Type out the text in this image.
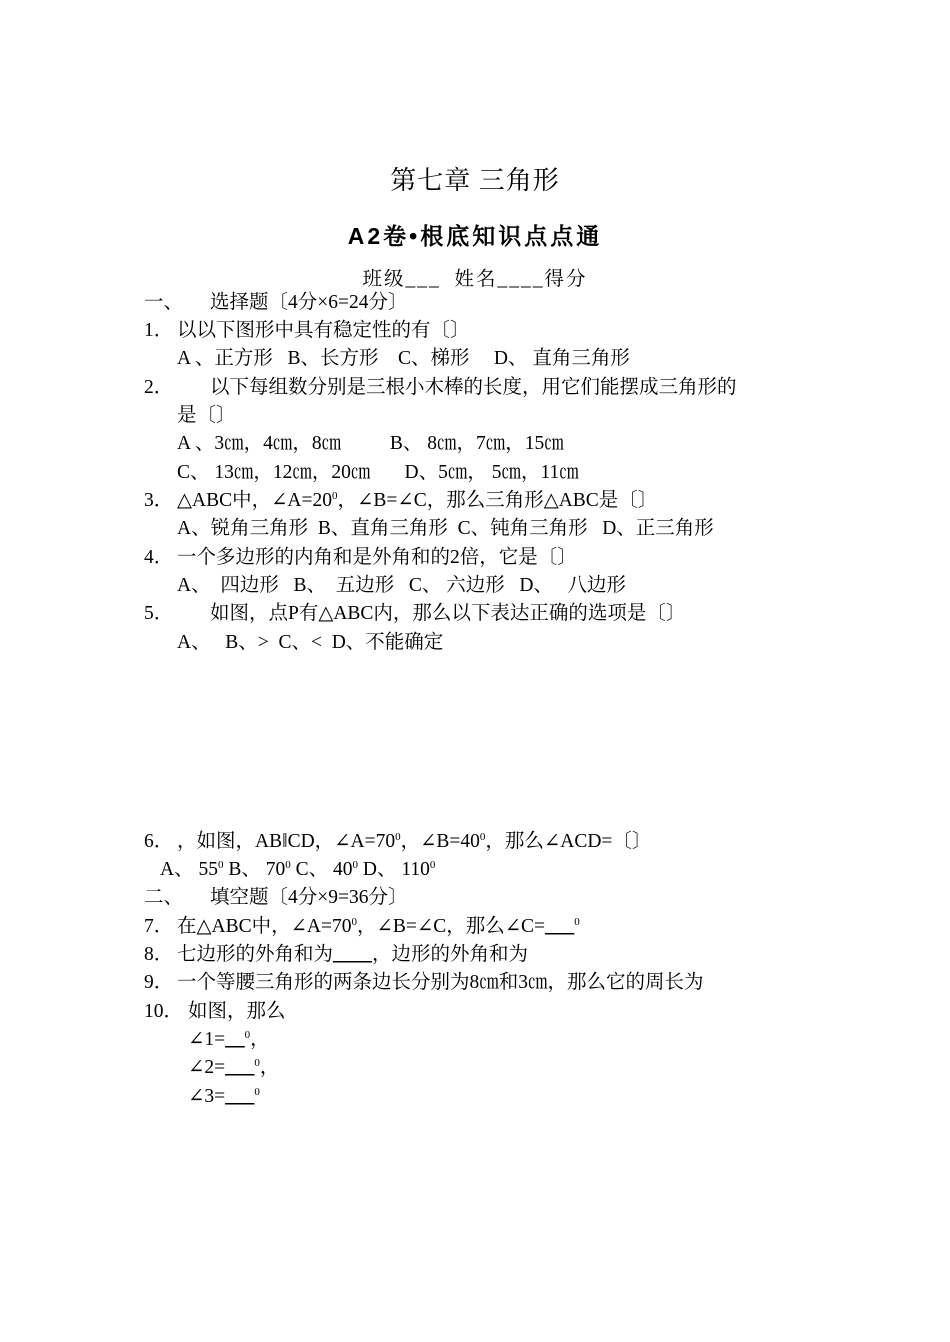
第七章 三角形
A2卷•根底知识点点通
班级___  姓名____得分
一、 选择题〔4分×6=24分〕
1． 以以下图形中具有稳定性的有〔〕
A 、正方形   B、长方形    C、梯形     D、 直角三角形
2． 以下每组数分别是三根小木棒的长度，用它们能摆成三角形的
是〔〕
A 、3㎝，4㎝，8㎝          B、 8㎝，7㎝，15㎝
C、 13㎝，12㎝，20㎝       D、5㎝， 5㎝，11㎝
3． △ABC中，$\angle A=20^0$，∠B=∠C，那么三角形△ABC是〔〕
A、锐角三角形  B、直角三角形  C、钝角三角形   D、正三角形
4． 一个多边形的内角和是外角和的2倍，它是〔〕
A、  四边形   B、  五边形   C、 六边形   D、   八边形
5． 如图，点P有△ABC内，那么以下表达正确的选项是〔〕
A、   B、>  C、<  D、不能确定
6． ，如图，AB‖CD，$\angle A=70^0$，$\angle B=40^0$，那么∠ACD=〔〕
A、 $55^0$ B、 $70^0$ C、 $40^0$ D、 $110^0$
二、 填空题〔4分×9=36分〕
7． 在△ABC中，$\angle A=70^0$，∠B=∠C，那么∠C=___$^0$
8． 七边形的外角和为____，边形的外角和为
9． 一个等腰三角形的两条边长分别为8㎝和3㎝，那么它的周长为
10． 如图，那么
∠1=__$^0$，
∠2=___$^0$，
∠3=___$^0$
